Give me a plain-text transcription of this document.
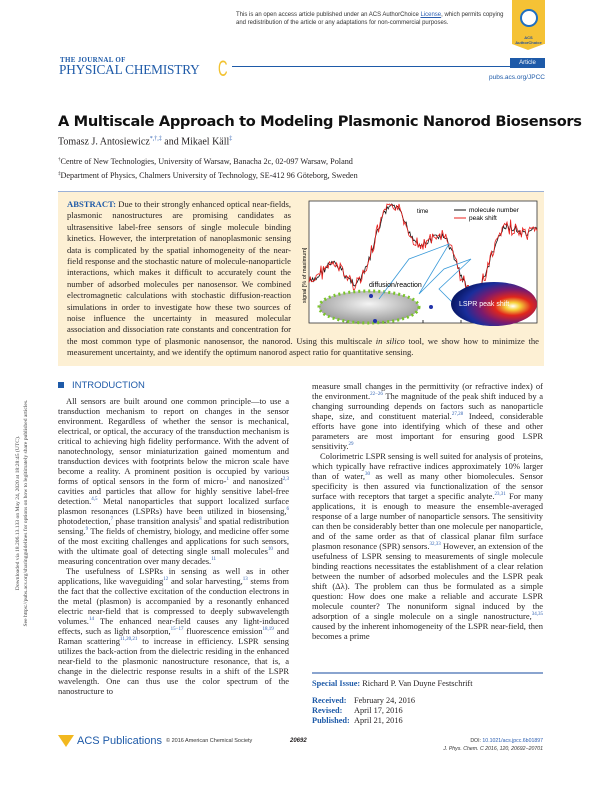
This is an open access article published under an ACS AuthorChoice License, which permits copying and redistribution of the article or any adaptations for non-commercial purposes.
ACS AuthorChoice
THE JOURNAL OF
PHYSICAL CHEMISTRY C	Article
pubs.acs.org/JPCC
A Multiscale Approach to Modeling Plasmonic Nanorod Biosensors
Tomasz J. Antosiewicz*,†,‡ and Mikael Käll‡
†Centre of New Technologies, University of Warsaw, Banacha 2c, 02-097 Warsaw, Poland
‡Department of Physics, Chalmers University of Technology, SE-412 96 Göteborg, Sweden
time	molecule number
peak shift
signal [% of maximum]	diffusion/reaction
LSPR peak shift
ABSTRACT: Due to their strongly enhanced optical near-fields, plasmonic nanostructures are promising candidates as ultrasensitive label-free sensors of single molecule binding kinetics. However, the interpretation of nanoplasmonic sensing data is complicated by the spatial inhomogeneity of the near-field response and the stochastic nature of molecule-nanoparticle interactions, which makes it difficult to accurately count the number of adsorbed molecules per nanosensor. We combined electromagnetic calculations with stochastic diffusion-reaction simulations in order to investigate how these two sources of noise influence the uncertainty in measured molecular association and dissociation rate constants and concentration for the most common type of plasmonic nanosensor, the nanorod. Using this multiscale in silico tool, we show how to minimize the measurement uncertainty, and we identify the optimum nanorod aspect ratio for quantitative sensing.
INTRODUCTION

All sensors are built around one common principle—to use a transduction mechanism to report on changes in the sensor environment. Regardless of whether the sensor is mechanical, electrical, or optical, the accuracy of the transduction mechanism is critical to achieving high fidelity performance. With the advent of nanotechnology, sensor miniaturization gained momentum and transduction devices with footprints below the micron scale have become a reality. A prominent position is occupied by various forms of optical sensors in the form of micro-$^1$ and nanosized$^{2,3}$ cavities and particles that allow for highly sensitive label-free detection.$^{4,5}$ Metal nanoparticles that support localized surface plasmon resonances (LSPRs) have been utilized in biosensing,$^6$ photodetection,$^7$ phase transition analysis$^8$ and spatial redistribution sensing.$^9$ The fields of chemistry, biology, and medicine offer some of the most exciting challenges and applications for such sensors, with the ultimate goal of detecting single small molecules$^{10}$ and measuring concentration over many decades.$^{11}$

The usefulness of LSPRs in sensing as well as in other applications, like waveguiding$^{12}$ and solar harvesting,$^{13}$ stems from the fact that the collective excitation of the conduction electrons in the metal (plasmon) is accompanied by a resonantly enhanced electric near-field that is compressed to deeply subwavelength volumes.$^{14}$ The enhanced near-field causes any light-induced effects, such as light absorption,$^{15-17}$ fluorescence emission$^{18,19}$ and Raman scattering$^{11,20,21}$ to increase in efficiency. LSPR sensing utilizes the back-action from the dielectric residing in the enhanced near-field to the plasmonic nanostructure resonance, that is, a change in the dielectric response results in a shift of the LSPR wavelength. One can thus use the color spectrum of the nanostructure to

measure small changes in the permittivity (or refractive index) of the environment.$^{22-26}$ The magnitude of the peak shift induced by a changing surrounding depends on factors such as nanoparticle shape, size, and constituent material.$^{27,28}$ Indeed, considerable efforts have gone into identifying which of these and other parameters are most important for ensuring good LSPR sensitivity.$^{29}$

Colorimetric LSPR sensing is well suited for analysis of proteins, which typically have refractive indices approximately 10% larger than of water,$^{30}$ as well as many other biomolecules. Sensor specificity is then assured via functionalization of the sensor surface with receptors that target a specific analyte.$^{23,31}$ For many applications, it is enough to measure the ensemble-averaged response of a large number of nanoparticle sensors. The sensitivity can then be considerably better than one molecule per nanoparticle, and of the same order as that of classical planar film surface plasmon resonance (SPR) sensors.$^{32,33}$ However, an extension of the usefulness of LSPR sensing to measurements of single molecule binding reactions necessitates the establishment of a clear relation between the number of adsorbed molecules and the LSPR peak shift (Δλ). The problem can thus be formulated as a simple question: How does one make a reliable and accurate LSPR molecule counter? The nonuniform signal induced by the adsorption of a single molecule on a single nanostructure,$^{34,35}$ caused by the inherent inhomogeneity of the LSPR near-field, then becomes a prime

Special Issue: Richard P. Van Duyne Festschrift
Received: February 24, 2016
Revised: April 17, 2016
Published: April 21, 2016
Downloaded via 18.206.13.133 on May 24, 2020 at 18:28:45 (UTC). See https://pubs.acs.org/sharingguidelines for options on how to legitimately share published articles.
ACS Publications © 2016 American Chemical Society	20692	DOI: 10.1021/acs.jpcc.6b01897
J. Phys. Chem. C 2016, 120, 20692−20701
